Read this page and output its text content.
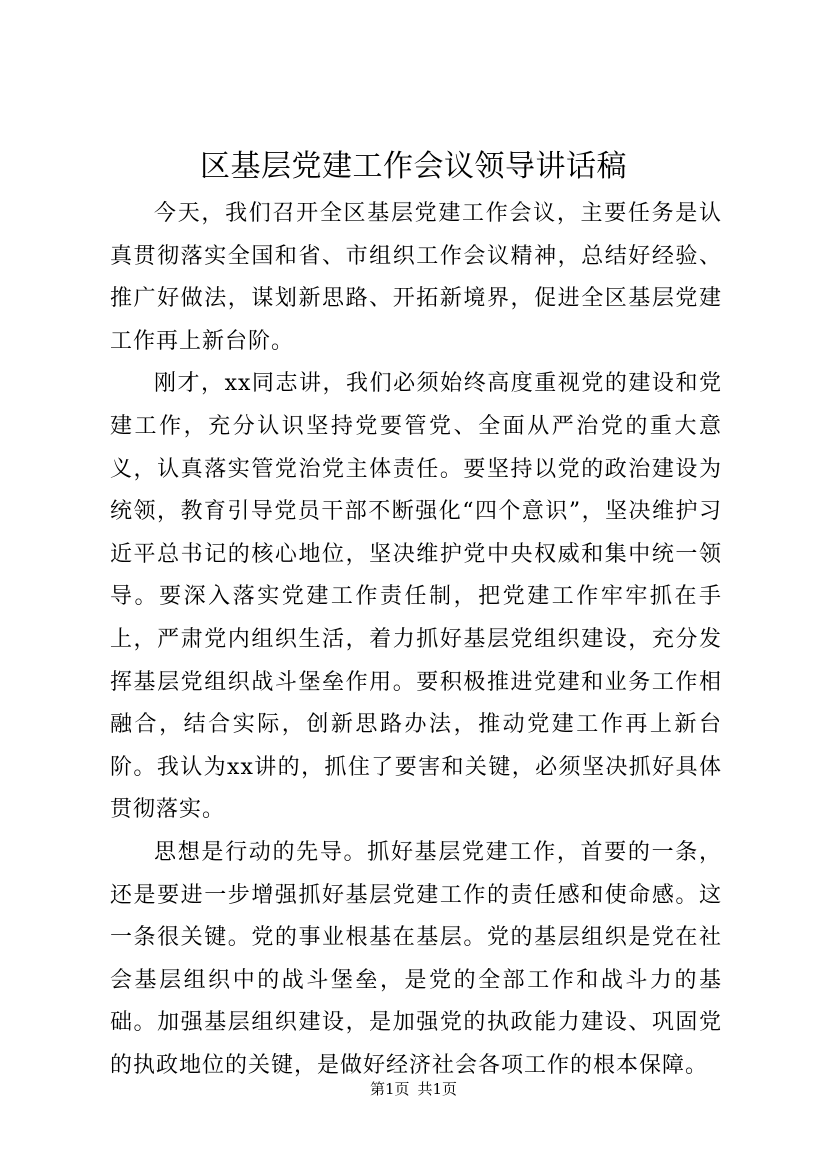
区基层党建工作会议领导讲话稿

今天，我们召开全区基层党建工作会议，主要任务是认真贯彻落实全国和省、市组织工作会议精神，总结好经验、推广好做法，谋划新思路、开拓新境界，促进全区基层党建工作再上新台阶。

刚才，xx同志讲，我们必须始终高度重视党的建设和党建工作，充分认识坚持党要管党、全面从严治党的重大意义，认真落实管党治党主体责任。要坚持以党的政治建设为统领，教育引导党员干部不断强化“四个意识”，坚决维护习近平总书记的核心地位，坚决维护党中央权威和集中统一领导。要深入落实党建工作责任制，把党建工作牢牢抓在手上，严肃党内组织生活，着力抓好基层党组织建设，充分发挥基层党组织战斗堡垒作用。要积极推进党建和业务工作相融合，结合实际，创新思路办法，推动党建工作再上新台阶。我认为xx讲的，抓住了要害和关键，必须坚决抓好具体贯彻落实。

思想是行动的先导。抓好基层党建工作，首要的一条，还是要进一步增强抓好基层党建工作的责任感和使命感。这一条很关键。党的事业根基在基层。党的基层组织是党在社会基层组织中的战斗堡垒，是党的全部工作和战斗力的基础。加强基层组织建设，是加强党的执政能力建设、巩固党的执政地位的关键，是做好经济社会各项工作的根本保障。

第1页 共1页
